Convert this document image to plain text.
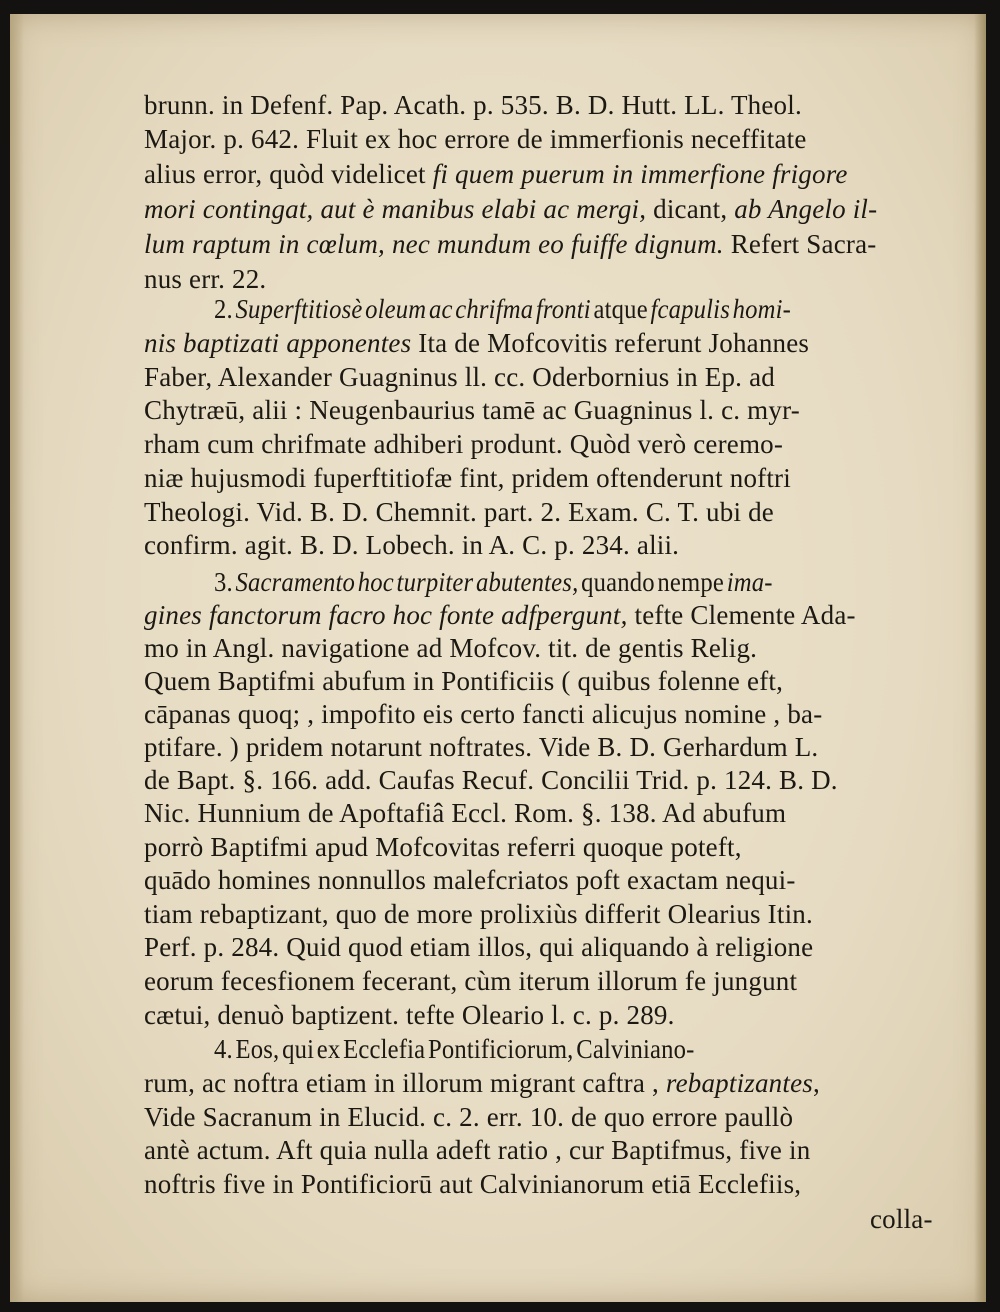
brunn. in Defenf. Pap. Acath. p. 535. B. D. Hutt. LL. Theol.
Major. p. 642. Fluit ex hoc errore de immerfionis neceffitate
alius error, quòd videlicet fi quem puerum in immerfione frigore
mori contingat, aut è manibus elabi ac mergi, dicant, ab Angelo il-
lum raptum in cœlum, nec mundum eo fuiffe dignum. Refert Sacra-
nus err. 22.
2. Superftitiosè oleum ac chrifma fronti atque fcapulis homi-
nis baptizati apponentes Ita de Mofcovitis referunt Johannes
Faber, Alexander Guagninus ll. cc. Oderbornius in Ep. ad
Chytræū, alii : Neugenbaurius tamē ac Guagninus l. c. myr-
rham cum chrifmate adhiberi produnt. Quòd verò ceremo-
niæ hujusmodi fuperftitiofæ fint, pridem oftenderunt noftri
Theologi. Vid. B. D. Chemnit. part. 2. Exam. C. T. ubi de
confirm. agit. B. D. Lobech. in A. C. p. 234. alii.
3. Sacramento hoc turpiter abutentes, quando nempe ima-
gines fanctorum facro hoc fonte adfpergunt, tefte Clemente Ada-
mo in Angl. navigatione ad Mofcov. tit. de gentis Relig.
Quem Baptifmi abufum in Pontificiis ( quibus folenne eft,
cāpanas quoq; , impofito eis certo fancti alicujus nomine , ba-
ptifare. ) pridem notarunt noftrates. Vide B. D. Gerhardum L.
de Bapt. §. 166. add. Caufas Recuf. Concilii Trid. p. 124. B. D.
Nic. Hunnium de Apoftafiâ Eccl. Rom. §. 138. Ad abufum
porrò Baptifmi apud Mofcovitas referri quoque poteft,
quādo homines nonnullos malefcriatos poft exactam nequi-
tiam rebaptizant, quo de more prolixiùs differit Olearius Itin.
Perf. p. 284. Quid quod etiam illos, qui aliquando à religione
eorum fecesfionem fecerant, cùm iterum illorum fe jungunt
cætui, denuò baptizent. tefte Oleario l. c. p. 289.
4. Eos, qui ex Ecclefia Pontificiorum, Calviniano-
rum, ac noftra etiam in illorum migrant caftra , rebaptizantes,
Vide Sacranum in Elucid. c. 2. err. 10. de quo errore paullò
antè actum. Aft quia nulla adeft ratio , cur Baptifmus, five in
noftris five in Pontificiorū aut Calvinianorum etiā Ecclefiis,
colla-
